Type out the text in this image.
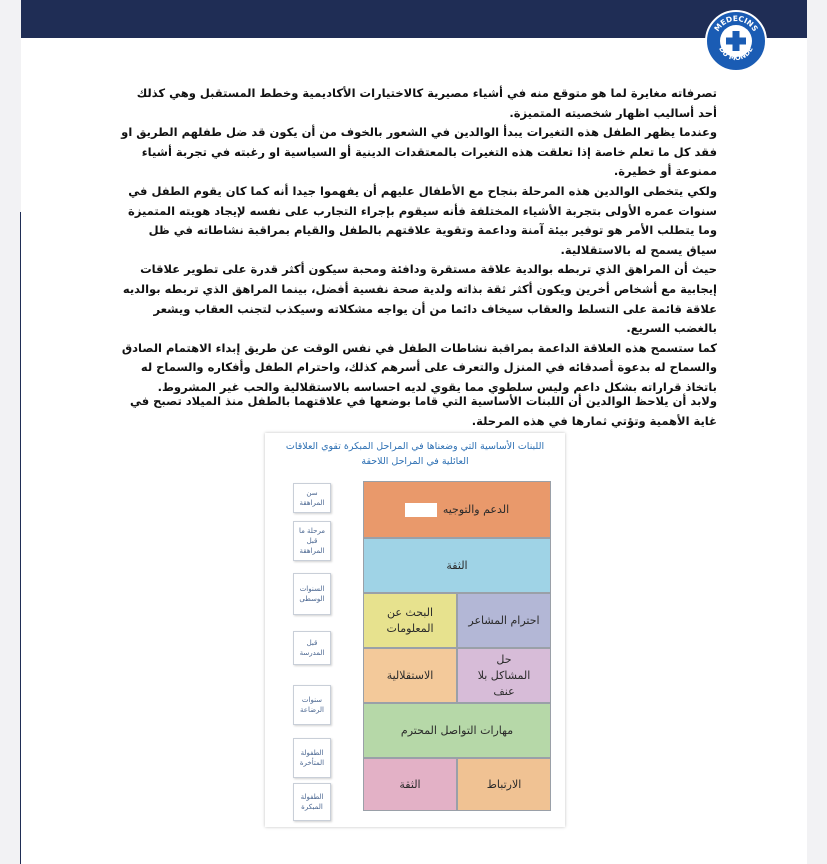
MEDECINS
DU MONDE

تصرفاته مغايرة لما هو متوقع منه في أشياء مصيرية كالاختيارات الأكاديمية وخطط المستقبل وهي كذلك أحد أساليب اظهار شخصيته المتميزة.

وعندما يظهر الطفل هذه التغيرات يبدأ الوالدين في الشعور بالخوف من أن يكون قد ضل طفلهم الطريق او فقد كل ما تعلم خاصة إذا تعلقت هذه التغيرات بالمعتقدات الدينية أو السياسية او رغبته في تجربة أشياء ممنوعة أو خطيرة.

ولكي يتخطى الوالدين هذه المرحلة بنجاح مع الأطفال عليهم أن يفهموا جيدا أنه كما كان يقوم الطفل في سنوات عمره الأولى بتجربة الأشياء المختلفة فأنه سيقوم بإجراء التجارب على نفسه لإيجاد هويته المتميزة وما يتطلب الأمر هو توفير بيئة آمنة وداعمة وتقوية علاقتهم بالطفل والقيام بمراقبة نشاطاته في ظل سياق يسمح له بالاستقلالية.

حيث أن المراهق الذي تربطه بوالدية علاقة مستقرة ودافئة ومحبة سيكون أكثر قدرة على تطوير علاقات إيجابية مع أشخاص أخرين ويكون أكثر ثقة بذاته ولدية صحة نفسية أفضل، بينما المراهق الذي تربطه بوالديه علاقة قائمة على التسلط والعقاب سيخاف دائما من أن يواجه مشكلاته وسيكذب لتجنب العقاب ويشعر بالغضب السريع.

كما ستسمح هذه العلاقة الداعمة بمراقبة نشاطات الطفل في نفس الوقت عن طريق إبداء الاهتمام الصادق والسماح له بدعوة أصدقائه في المنزل والتعرف على أسرهم كذلك، واحترام الطفل وأفكاره والسماح له باتخاذ قراراته بشكل داعم وليس سلطوي مما يقوي لديه احساسه بالاستقلالية والحب غير المشروط.

ولابد أن يلاحظ الوالدين أن اللبنات الأساسية التي قاما بوضعها في علاقتهما بالطفل منذ الميلاد تصبح في غاية الأهمية وتؤتي ثمارها في هذه المرحلة.

اللبنات الأساسية التي وضعناها في المراحل المبكرة تقوي العلاقات العائلية في المراحل اللاحقة
سن المراهقة
مرحلة ما قبل المراهقة
السنوات الوسطى
قبل المدرسة
سنوات الرضاعة
الطفولة المتأخرة
الطفولة المبكرة
الدعم والتوجيه
الثقة
احترام المشاعر
البحث عن المعلومات
حل المشاكل بلا عنف
الاستقلالية
مهارات التواصل المحترم
الارتباط
الثقة
